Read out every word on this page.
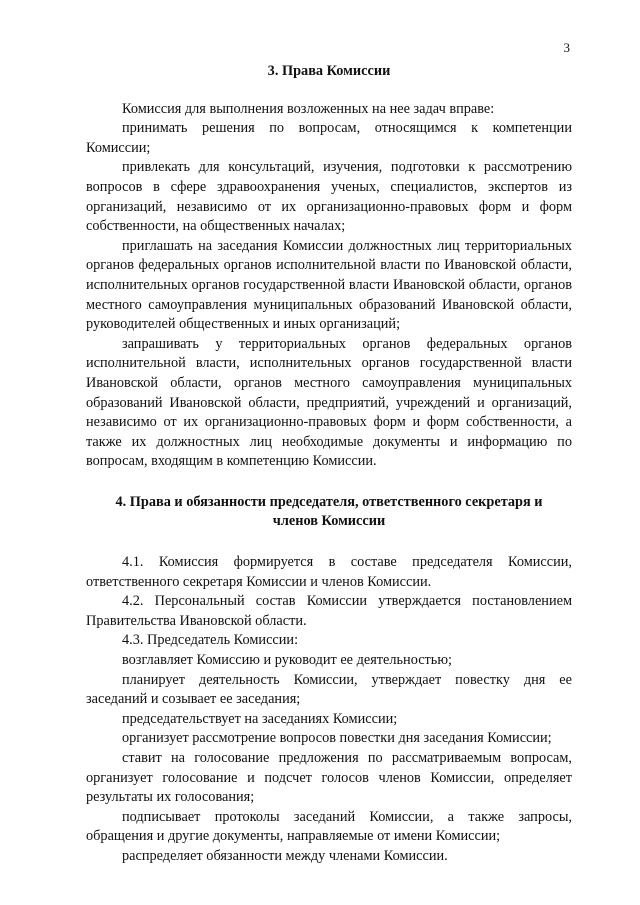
3
3. Права Комиссии

Комиссия для выполнения возложенных на нее задач вправе:

принимать решения по вопросам, относящимся к компетенции Комиссии;

привлекать для консультаций, изучения, подготовки к рассмотрению вопросов в сфере здравоохранения ученых, специалистов, экспертов из организаций, независимо от их организационно-правовых форм и форм собственности, на общественных началах;

приглашать на заседания Комиссии должностных лиц территориальных органов федеральных органов исполнительной власти по Ивановской области, исполнительных органов государственной власти Ивановской области, органов местного самоуправления муниципальных образований Ивановской области, руководителей общественных и иных организаций;

запрашивать у территориальных органов федеральных органов исполнительной власти, исполнительных органов государственной власти Ивановской области, органов местного самоуправления муниципальных образований Ивановской области, предприятий, учреждений и организаций, независимо от их организационно-правовых форм и форм собственности, а также их должностных лиц необходимые документы и информацию по вопросам, входящим в компетенцию Комиссии.

4. Права и обязанности председателя, ответственного секретаря и
членов Комиссии

4.1. Комиссия формируется в составе председателя Комиссии, ответственного секретаря Комиссии и членов Комиссии.

4.2. Персональный состав Комиссии утверждается постановлением Правительства Ивановской области.

4.3. Председатель Комиссии:

возглавляет Комиссию и руководит ее деятельностью;

планирует деятельность Комиссии, утверждает повестку дня ее заседаний и созывает ее заседания;

председательствует на заседаниях Комиссии;

организует рассмотрение вопросов повестки дня заседания Комиссии;

ставит на голосование предложения по рассматриваемым вопросам, организует голосование и подсчет голосов членов Комиссии, определяет результаты их голосования;

подписывает протоколы заседаний Комиссии, а также запросы, обращения и другие документы, направляемые от имени Комиссии;

распределяет обязанности между членами Комиссии.
